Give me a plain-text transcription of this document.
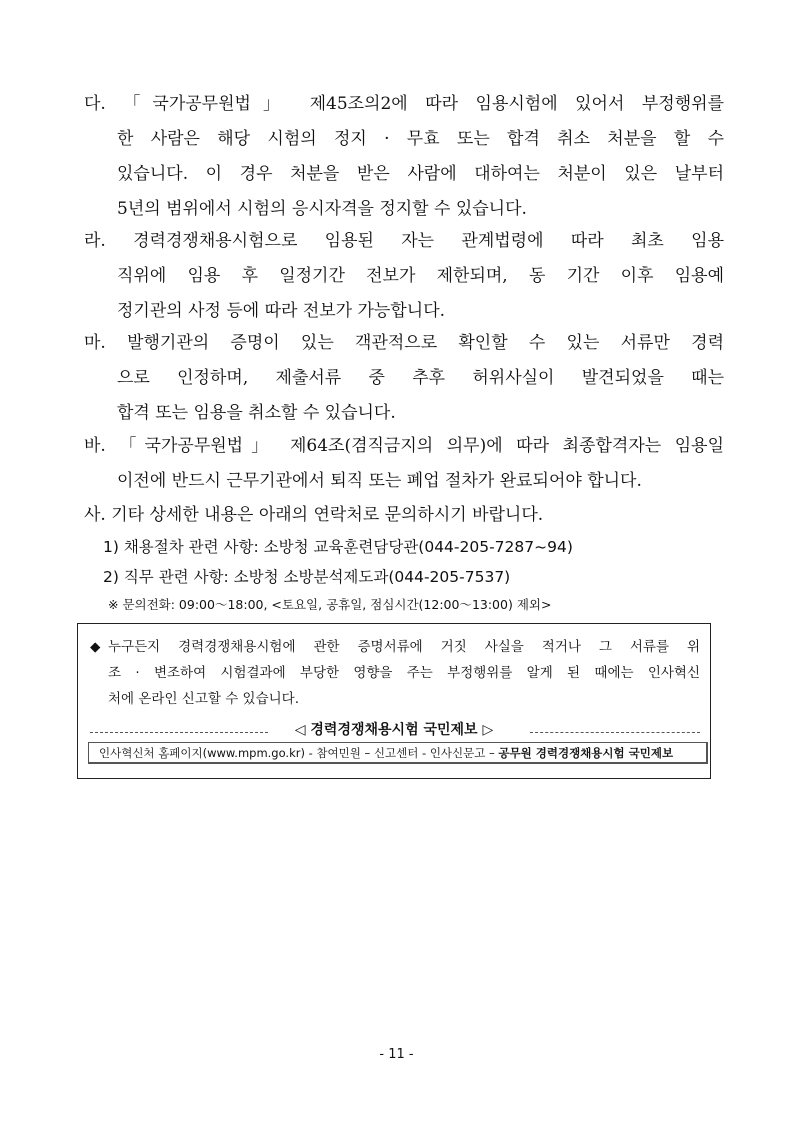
다. 「국가공무원법」 제45조의2에 따라 임용시험에 있어서 부정행위를
한 사람은 해당 시험의 정지 · 무효 또는 합격 취소 처분을 할 수
있습니다. 이 경우 처분을 받은 사람에 대하여는 처분이 있은 날부터
5년의 범위에서 시험의 응시자격을 정지할 수 있습니다.
라. 경력경쟁채용시험으로 임용된 자는 관계법령에 따라 최초 임용
직위에 임용 후 일정기간 전보가 제한되며, 동 기간 이후 임용예
정기관의 사정 등에 따라 전보가 가능합니다.
마. 발행기관의 증명이 있는 객관적으로 확인할 수 있는 서류만 경력
으로 인정하며, 제출서류 중 추후 허위사실이 발견되었을 때는
합격 또는 임용을 취소할 수 있습니다.
바. 「국가공무원법」 제64조(겸직금지의 의무)에 따라 최종합격자는 임용일
이전에 반드시 근무기관에서 퇴직 또는 폐업 절차가 완료되어야 합니다.
사. 기타 상세한 내용은 아래의 연락처로 문의하시기 바랍니다.
1) 채용절차 관련 사항: 소방청 교육훈련담당관(044-205-7287~94)
2) 직무 관련 사항: 소방청 소방분석제도과(044-205-7537)
※ 문의전화: 09:00～18:00, <토요일, 공휴일, 점심시간(12:00～13:00) 제외>
◆ 누구든지 경력경쟁채용시험에 관한 증명서류에 거짓 사실을 적거나 그 서류를 위
조 · 변조하여 시험결과에 부당한 영향을 주는 부정행위를 알게 된 때에는 인사혁신
처에 온라인 신고할 수 있습니다.
◁ 경력경쟁채용시험 국민제보 ▷
인사혁신처 홈페이지(www.mpm.go.kr) - 참여민원 – 신고센터 - 인사신문고 – 공무원 경력경쟁채용시험 국민제보
- 11 -
